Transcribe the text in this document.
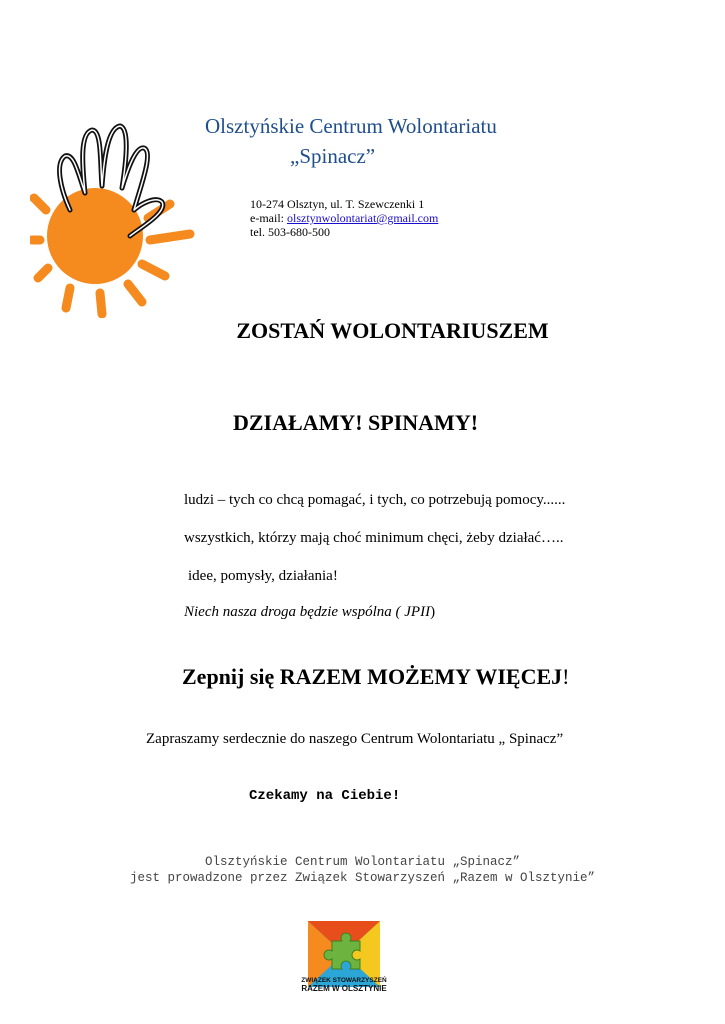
Olsztyńskie Centrum Wolontariatu
„Spinacz”
10-274 Olsztyn, ul. T. Szewczenki 1
e-mail: olsztynwolontariat@gmail.com
tel. 503-680-500
ZOSTAŃ WOLONTARIUSZEM
DZIAŁAMY! SPINAMY!
ludzi – tych co chcą pomagać, i tych, co potrzebują pomocy......
wszystkich, którzy mają choć minimum chęci, żeby działać…..
idee, pomysły, działania!
Niech nasza droga będzie wspólna ( JPII)
Zepnij się RAZEM MOŻEMY WIĘCEJ!
Zapraszamy serdecznie do naszego Centrum Wolontariatu „ Spinacz”
Czekamy na Ciebie!
Olsztyńskie Centrum Wolontariatu „Spinacz”
jest prowadzone przez Związek Stowarzyszeń „Razem w Olsztynie”
ZWIĄZEK STOWARZYSZEŃ
RAZEM W OLSZTYNIE
